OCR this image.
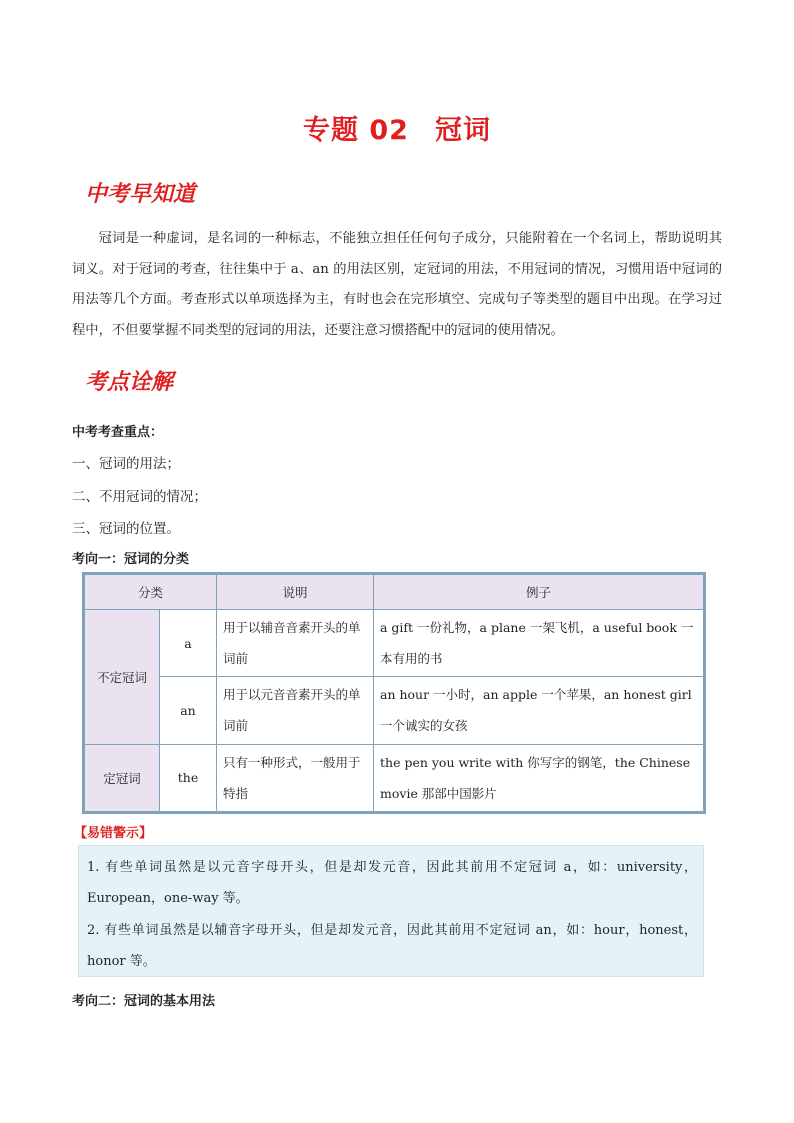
专题 02 冠词
中考早知道
冠词是一种虚词，是名词的一种标志，不能独立担任任何句子成分，只能附着在一个名词上，帮助说明其词义。对于冠词的考查，往往集中于 a、an 的用法区别，定冠词的用法，不用冠词的情况，习惯用语中冠词的用法等几个方面。考查形式以单项选择为主，有时也会在完形填空、完成句子等类型的题目中出现。在学习过程中，不但要掌握不同类型的冠词的用法，还要注意习惯搭配中的冠词的使用情况。
考点诠解
中考考查重点：
一、冠词的用法；
二、不用冠词的情况；
三、冠词的位置。
考向一：冠词的分类
分类		说明	例子
不定冠词	a	用于以辅音音素开头的单词前	a gift 一份礼物，a plane 一架飞机，a useful book 一本有用的书
	an	用于以元音音素开头的单词前	an hour 一小时，an apple 一个苹果，an honest girl 一个诚实的女孩
定冠词	the	只有一种形式，一般用于特指	the pen you write with 你写字的钢笔，the Chinese movie 那部中国影片
【易错警示】
1. 有些单词虽然是以元音字母开头，但是却发元音，因此其前用不定冠词 a，如：university，European，one-way 等。
2. 有些单词虽然是以辅音字母开头，但是却发元音，因此其前用不定冠词 an，如：hour，honest，honor 等。
考向二：冠词的基本用法
